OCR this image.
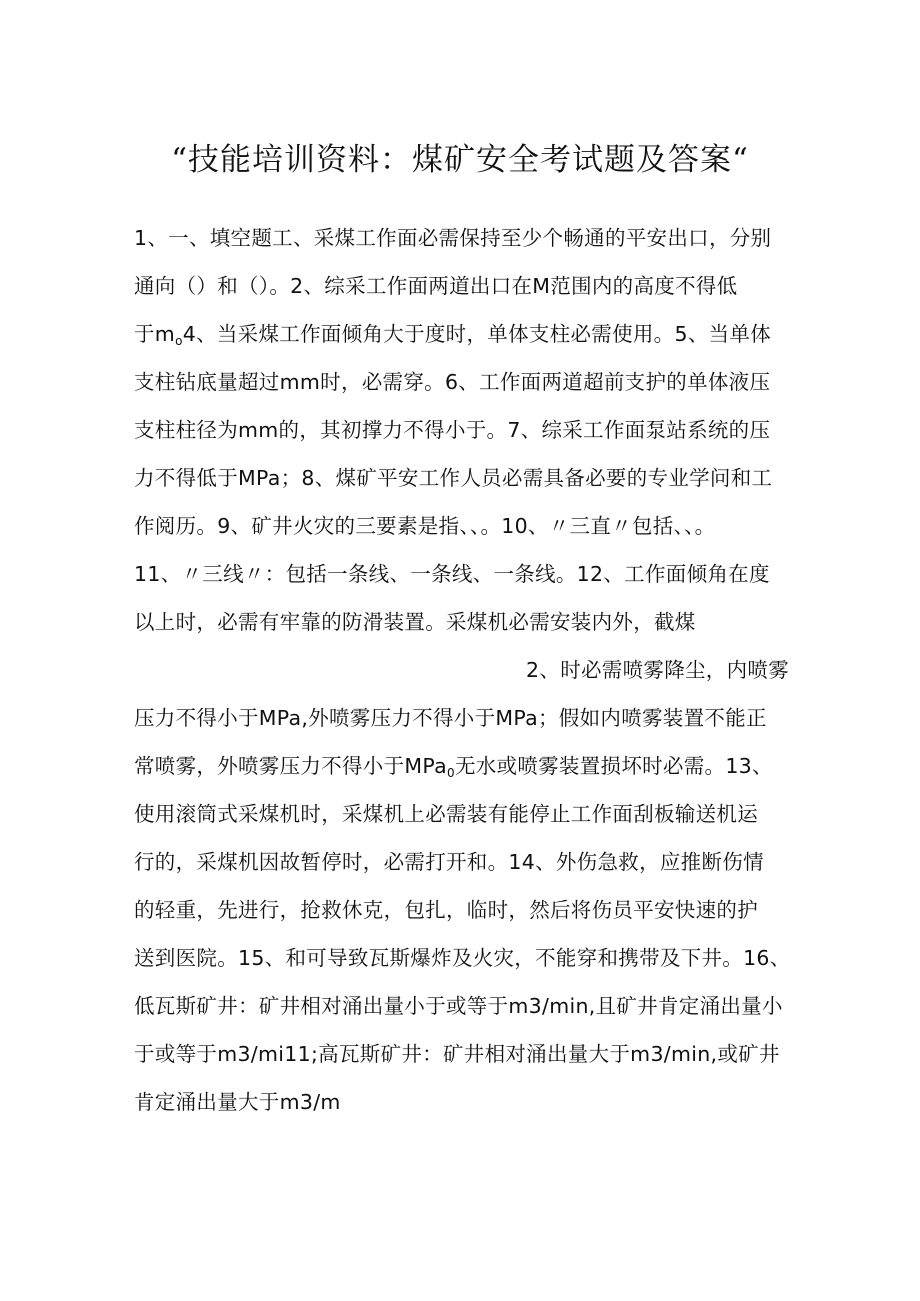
“技能培训资料：煤矿安全考试题及答案“
1、一、填空题工、采煤工作面必需保持至少个畅通的平安出口，分别
通向（）和（）。2、综采工作面两道出口在M范围内的高度不得低
于$m_o4$、当采煤工作面倾角大于度时，单体支柱必需使用。5、当单体
支柱钻底量超过mm时，必需穿。6、工作面两道超前支护的单体液压
支柱柱径为mm的，其初撑力不得小于。7、综采工作面泵站系统的压
力不得低于MPa；8、煤矿平安工作人员必需具备必要的专业学问和工
作阅历。9、矿井火灾的三要素是指、、。10、〃三直〃包括、、。
11、〃三线〃：包括一条线、一条线、一条线。12、工作面倾角在度
以上时，必需有牢靠的防滑装置。采煤机必需安装内外，截煤
2、时必需喷雾降尘，内喷雾
压力不得小于MPa,外喷雾压力不得小于MPa；假如内喷雾装置不能正
常喷雾，外喷雾压力不得小于MPa$_0$无水或喷雾装置损坏时必需。13、
使用滚筒式采煤机时，采煤机上必需装有能停止工作面刮板输送机运
行的，采煤机因故暂停时，必需打开和。14、外伤急救，应推断伤情
的轻重，先进行，抢救休克，包扎，临时，然后将伤员平安快速的护
送到医院。15、和可导致瓦斯爆炸及火灾，不能穿和携带及下井。16、
低瓦斯矿井：矿井相对涌出量小于或等于m3/min,且矿井肯定涌出量小
于或等于m3/mi11;高瓦斯矿井：矿井相对涌出量大于m3/min,或矿井
肯定涌出量大于m3/m
